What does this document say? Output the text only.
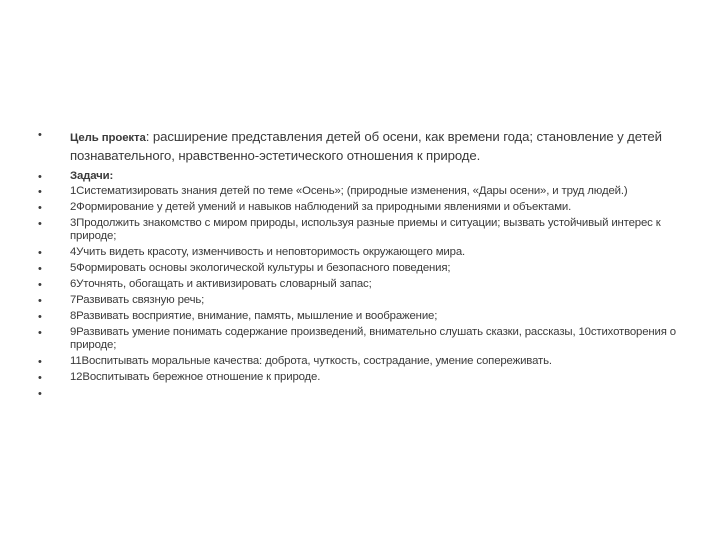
• Цель проекта: расширение представления детей об осени, как времени года; становление у детей познавательного, нравственно-эстетического отношения к природе.
• Задачи:
• 1Систематизировать знания детей по теме «Осень»; (природные изменения, «Дары осени», и труд людей.)
• 2Формирование у детей умений и навыков наблюдений за природными явлениями и объектами.
• 3Продолжить знакомство с миром природы, используя разные приемы и ситуации; вызвать устойчивый интерес к природе;
• 4Учить видеть красоту, изменчивость и неповторимость окружающего мира.
• 5Формировать основы экологической культуры и безопасного поведения;
• 6Уточнять, обогащать и активизировать словарный запас;
• 7Развивать связную речь;
• 8Развивать восприятие, внимание, память, мышление и воображение;
• 9Развивать умение понимать содержание произведений, внимательно слушать сказки, рассказы, 10стихотворения о природе;
• 11Воспитывать моральные качества: доброта, чуткость, сострадание, умение сопереживать.
• 12Воспитывать бережное отношение к природе.
•
